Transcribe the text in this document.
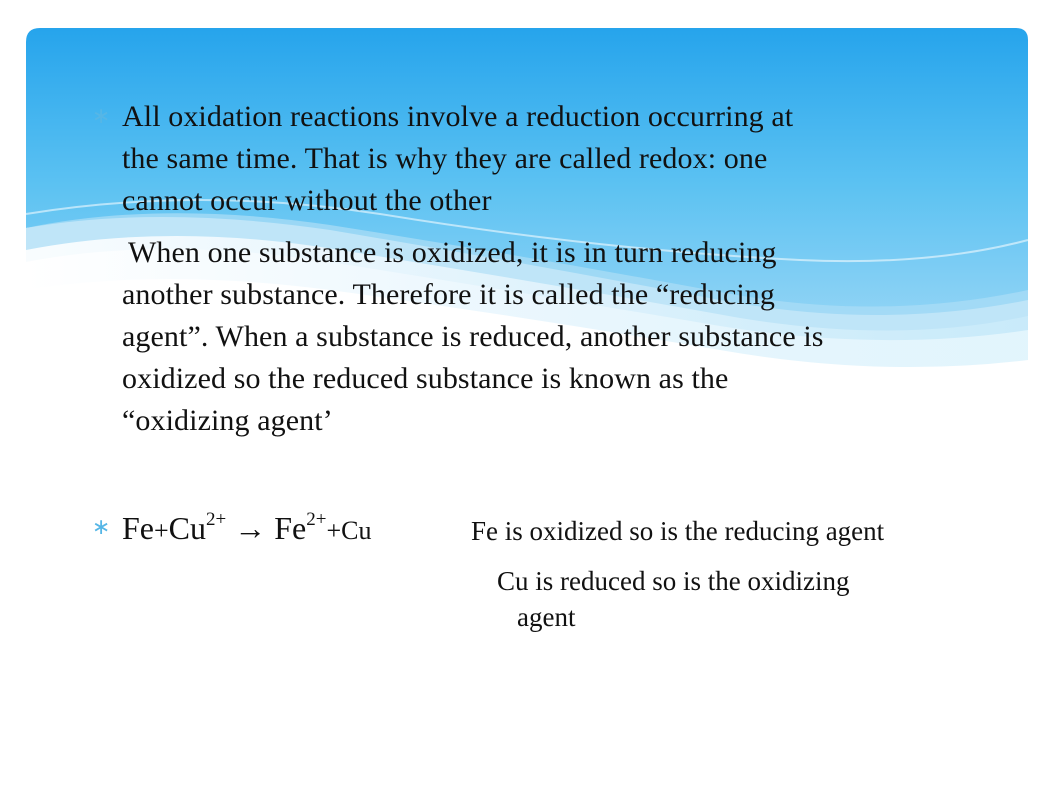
∗ All oxidation reactions involve a reduction occurring at
the same time. That is why they are called redox: one
cannot occur without the other
When one substance is oxidized, it is in turn reducing
another substance. Therefore it is called the “reducing
agent”. When a substance is reduced, another substance is
oxidized so the reduced substance is known as the
“oxidizing agent’
∗ $Fe+Cu^{2+} \to Fe^{2+}+Cu$	Fe is oxidized so is the reducing agent
Cu is reduced so is the oxidizing
agent
